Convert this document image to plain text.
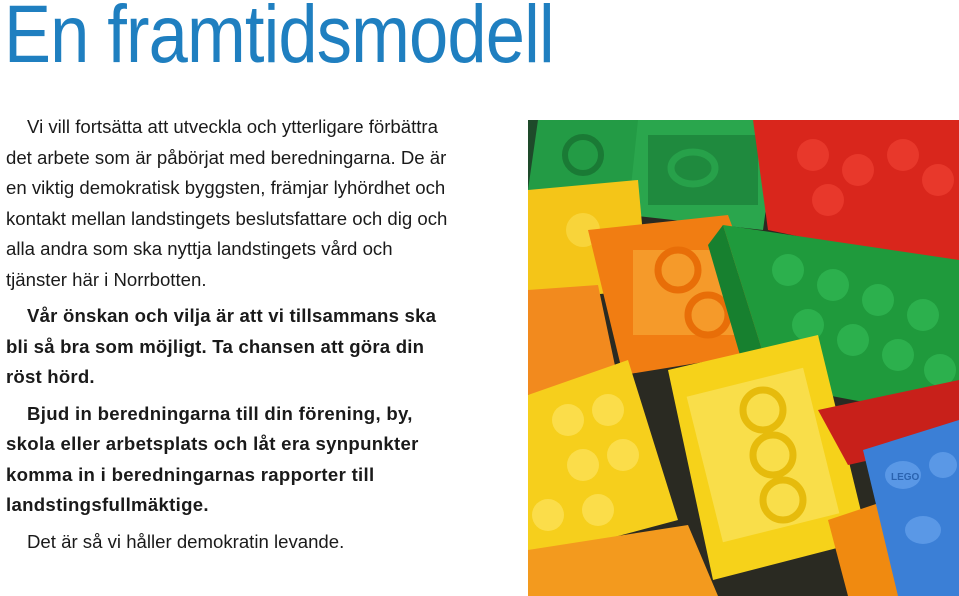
En framtidsmodell

Vi vill fortsätta att utveckla och ytterligare förbättra det arbete som är påbörjat med beredningarna. De är en viktig demokratisk byggsten, främjar lyhördhet och kontakt mellan landstingets beslutsfattare och dig och alla andra som ska nyttja landstingets vård och tjänster här i Norrbotten.

Vår önskan och vilja är att vi tillsammans ska bli så bra som möjligt. Ta chansen att göra din röst hörd.

Bjud in beredningarna till din förening, by, skola eller arbetsplats och låt era synpunkter komma in i beredningarnas rapporter till landstingsfullmäktige.

Det är så vi håller demokratin levande.

LEGO
